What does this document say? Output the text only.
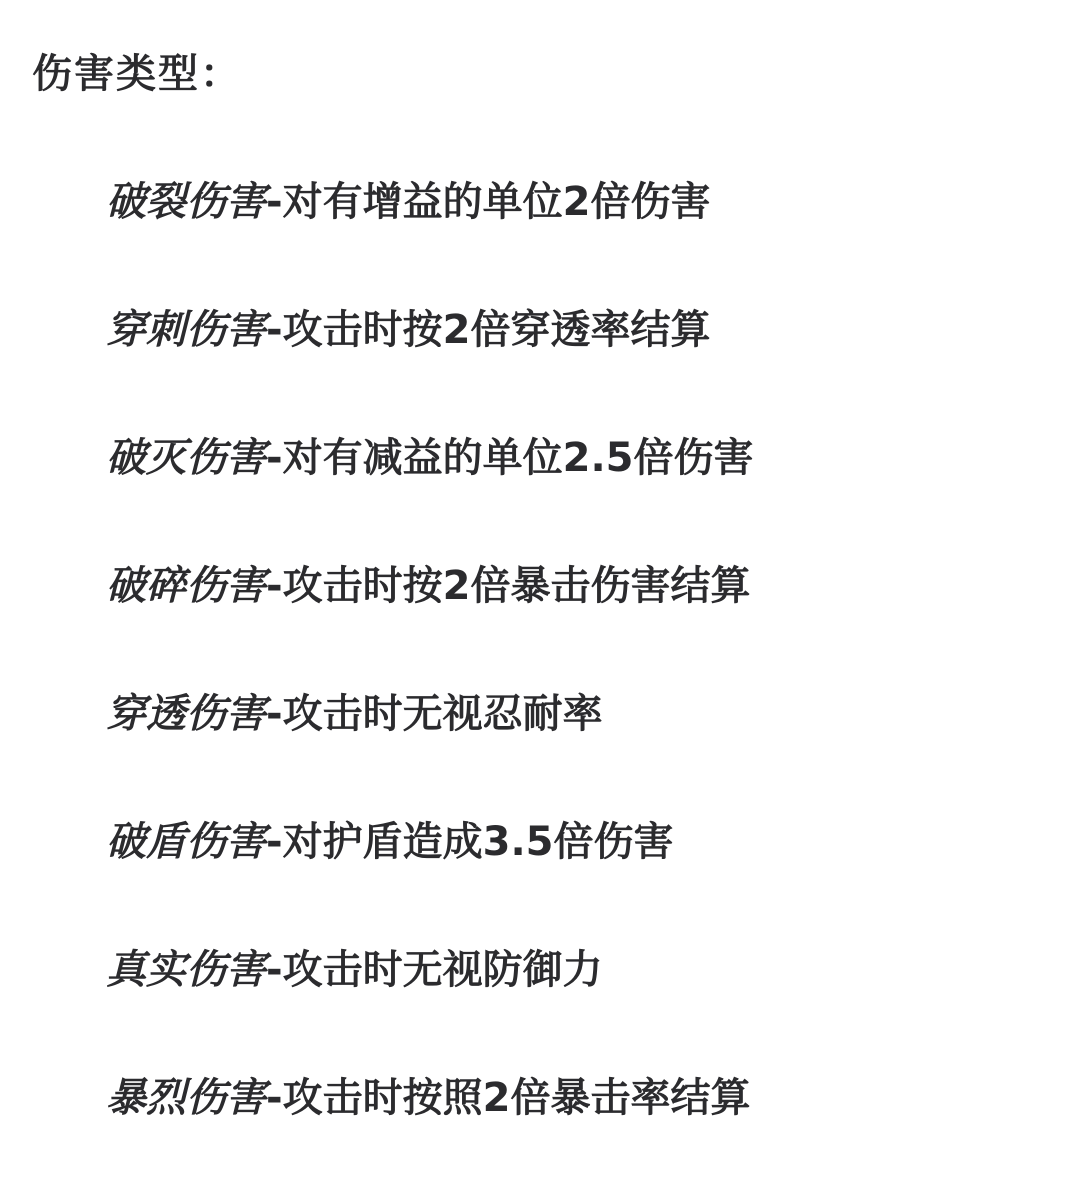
伤害类型：
破裂伤害-对有增益的单位2倍伤害
穿刺伤害-攻击时按2倍穿透率结算
破灭伤害-对有减益的单位2.5倍伤害
破碎伤害-攻击时按2倍暴击伤害结算
穿透伤害-攻击时无视忍耐率
破盾伤害-对护盾造成3.5倍伤害
真实伤害-攻击时无视防御力
暴烈伤害-攻击时按照2倍暴击率结算
